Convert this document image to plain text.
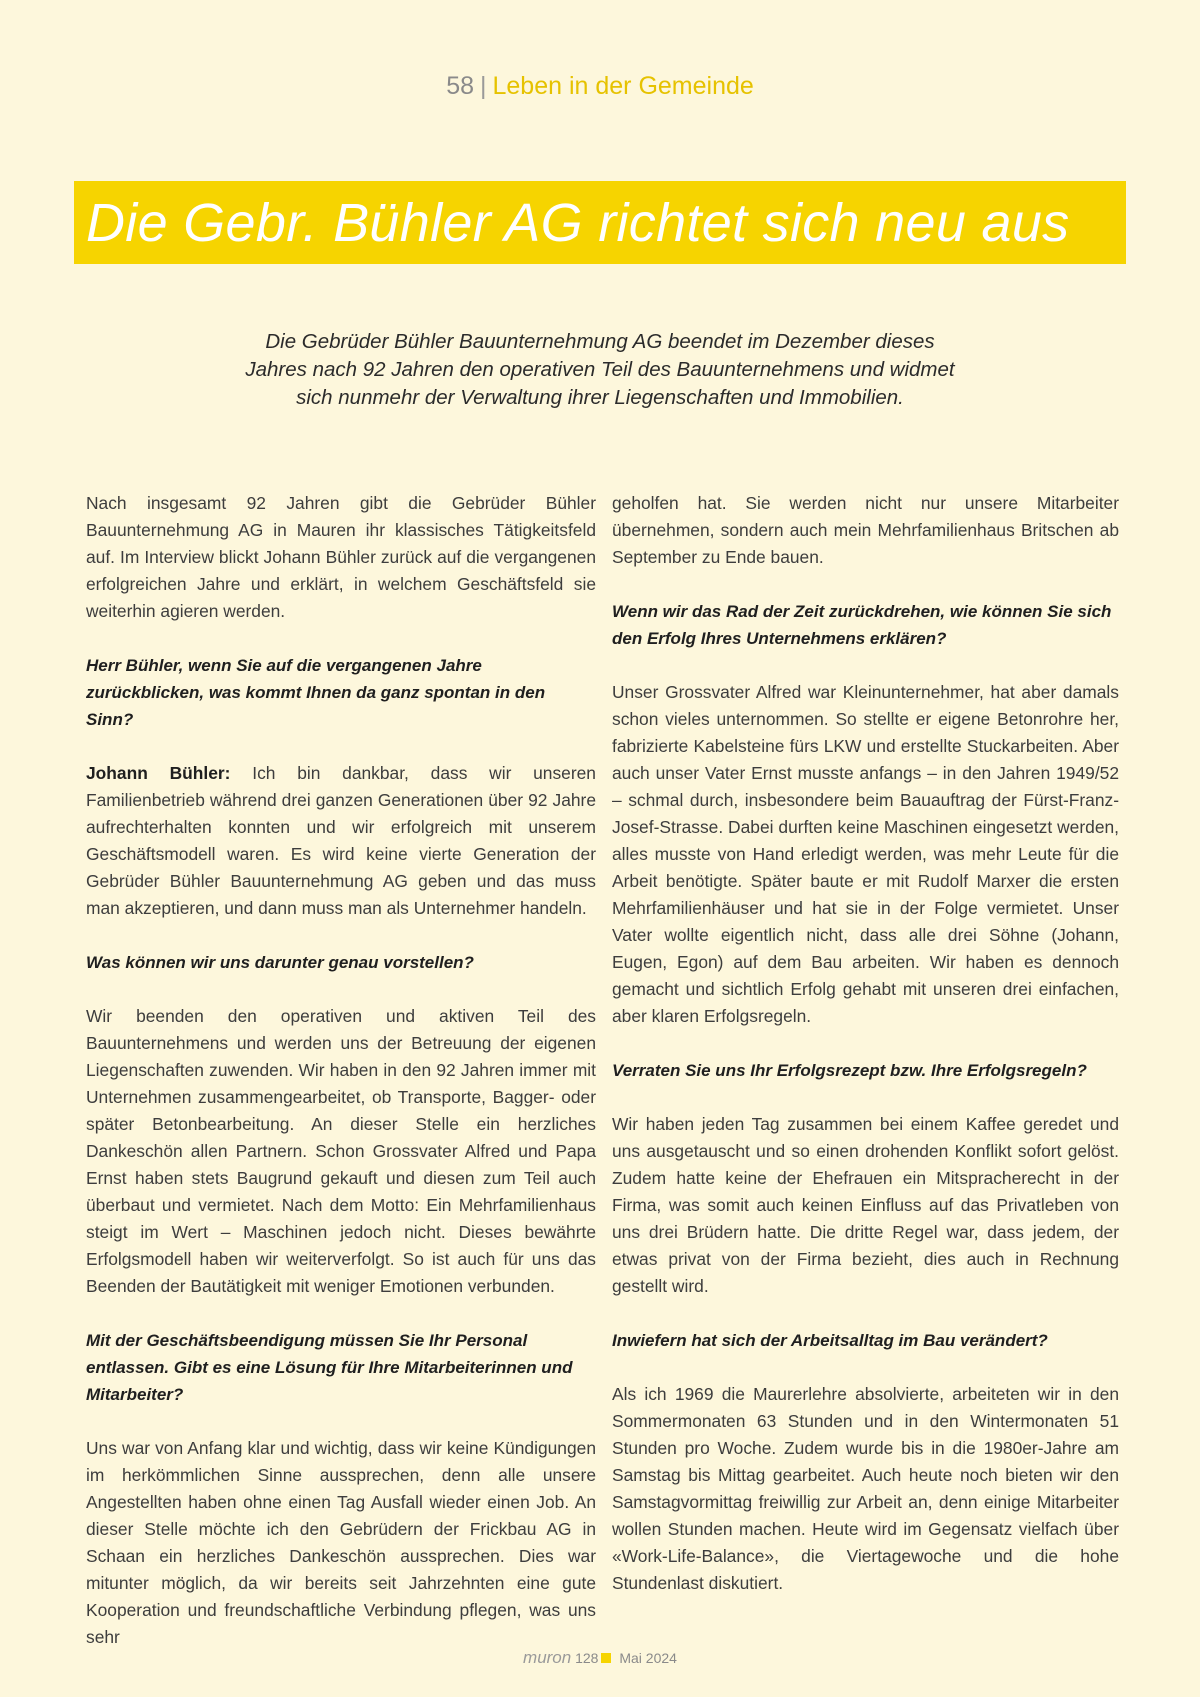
58 | Leben in der Gemeinde
Die Gebr. Bühler AG richtet sich neu aus

Die Gebrüder Bühler Bauunternehmung AG beendet im Dezember dieses

Jahres nach 92 Jahren den operativen Teil des Bauunternehmens und widmet

sich nunmehr der Verwaltung ihrer Liegenschaften und Immobilien.

Nach insgesamt 92 Jahren gibt die Gebrüder Bühler Bauunternehmung AG in Mauren ihr klassisches Tätigkeitsfeld auf. Im Interview blickt Johann Bühler zurück auf die vergangenen erfolgreichen Jahre und erklärt, in welchem Geschäftsfeld sie weiterhin agieren werden.

Herr Bühler, wenn Sie auf die vergangenen Jahre zurückblicken, was kommt Ihnen da ganz spontan in den Sinn?

Johann Bühler: Ich bin dankbar, dass wir unseren Familienbetrieb während drei ganzen Generationen über 92 Jahre aufrechterhalten konnten und wir erfolgreich mit unserem Geschäftsmodell waren. Es wird keine vierte Generation der Gebrüder Bühler Bauunternehmung AG geben und das muss man akzeptieren, und dann muss man als Unternehmer handeln.

Was können wir uns darunter genau vorstellen?

Wir beenden den operativen und aktiven Teil des Bauunternehmens und werden uns der Betreuung der eigenen Liegenschaften zuwenden. Wir haben in den 92 Jahren immer mit Unternehmen zusammengearbeitet, ob Transporte, Bagger- oder später Betonbearbeitung. An dieser Stelle ein herzliches Dankeschön allen Partnern. Schon Grossvater Alfred und Papa Ernst haben stets Baugrund gekauft und diesen zum Teil auch überbaut und vermietet. Nach dem Motto: Ein Mehrfamilienhaus steigt im Wert – Maschinen jedoch nicht. Dieses bewährte Erfolgsmodell haben wir weiterverfolgt. So ist auch für uns das Beenden der Bautätigkeit mit weniger Emotionen verbunden.

Mit der Geschäftsbeendigung müssen Sie Ihr Personal entlassen. Gibt es eine Lösung für Ihre Mitarbeiterinnen und Mitarbeiter?

Uns war von Anfang klar und wichtig, dass wir keine Kündigungen im herkömmlichen Sinne aussprechen, denn alle unsere Angestellten haben ohne einen Tag Ausfall wieder einen Job. An dieser Stelle möchte ich den Gebrüdern der Frickbau AG in Schaan ein herzliches Dankeschön aussprechen. Dies war mitunter möglich, da wir bereits seit Jahrzehnten eine gute Kooperation und freundschaftliche Verbindung pflegen, was uns sehr

geholfen hat. Sie werden nicht nur unsere Mitarbeiter übernehmen, sondern auch mein Mehrfamilienhaus Britschen ab September zu Ende bauen.

Wenn wir das Rad der Zeit zurückdrehen, wie können Sie sich den Erfolg Ihres Unternehmens erklären?

Unser Grossvater Alfred war Kleinunternehmer, hat aber damals schon vieles unternommen. So stellte er eigene Betonrohre her, fabrizierte Kabelsteine fürs LKW und erstellte Stuckarbeiten. Aber auch unser Vater Ernst musste anfangs – in den Jahren 1949/52 – schmal durch, insbesondere beim Bauauftrag der Fürst-Franz-Josef-Strasse. Dabei durften keine Maschinen eingesetzt werden, alles musste von Hand erledigt werden, was mehr Leute für die Arbeit benötigte. Später baute er mit Rudolf Marxer die ersten Mehrfamilienhäuser und hat sie in der Folge vermietet. Unser Vater wollte eigentlich nicht, dass alle drei Söhne (Johann, Eugen, Egon) auf dem Bau arbeiten. Wir haben es dennoch gemacht und sichtlich Erfolg gehabt mit unseren drei einfachen, aber klaren Erfolgsregeln.

Verraten Sie uns Ihr Erfolgsrezept bzw. Ihre Erfolgsregeln?

Wir haben jeden Tag zusammen bei einem Kaffee geredet und uns ausgetauscht und so einen drohenden Konflikt sofort gelöst. Zudem hatte keine der Ehefrauen ein Mitspracherecht in der Firma, was somit auch keinen Einfluss auf das Privatleben von uns drei Brüdern hatte. Die dritte Regel war, dass jedem, der etwas privat von der Firma bezieht, dies auch in Rechnung gestellt wird.

Inwiefern hat sich der Arbeitsalltag im Bau verändert?

Als ich 1969 die Maurerlehre absolvierte, arbeiteten wir in den Sommermonaten 63 Stunden und in den Wintermonaten 51 Stunden pro Woche. Zudem wurde bis in die 1980er-Jahre am Samstag bis Mittag gearbeitet. Auch heute noch bieten wir den Samstagvormittag freiwillig zur Arbeit an, denn einige Mitarbeiter wollen Stunden machen. Heute wird im Gegensatz vielfach über «Work-Life-Balance», die Viertagewoche und die hohe Stundenlast diskutiert.

muron 128 Mai 2024
